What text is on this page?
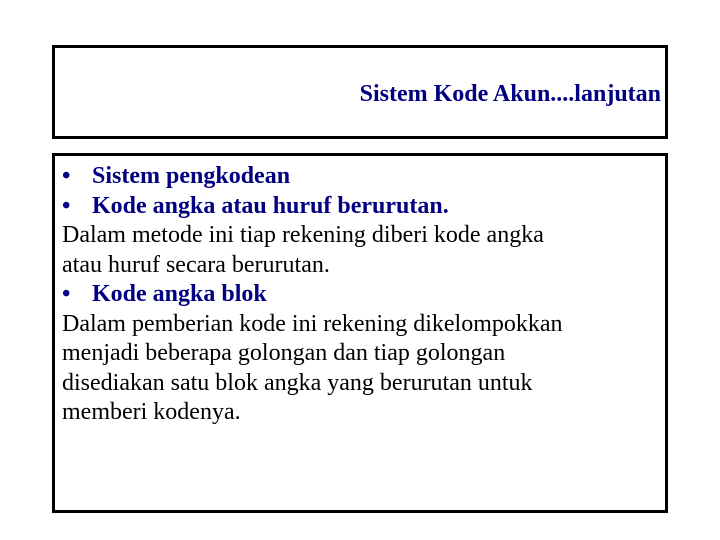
Sistem Kode Akun....lanjutan
• Sistem pengkodean
• Kode angka atau huruf berurutan.
Dalam metode ini tiap rekening diberi kode angka
atau huruf secara berurutan.
• Kode angka blok
Dalam pemberian kode ini rekening dikelompokkan
menjadi beberapa golongan dan tiap golongan
disediakan satu blok angka yang berurutan untuk
memberi kodenya.
